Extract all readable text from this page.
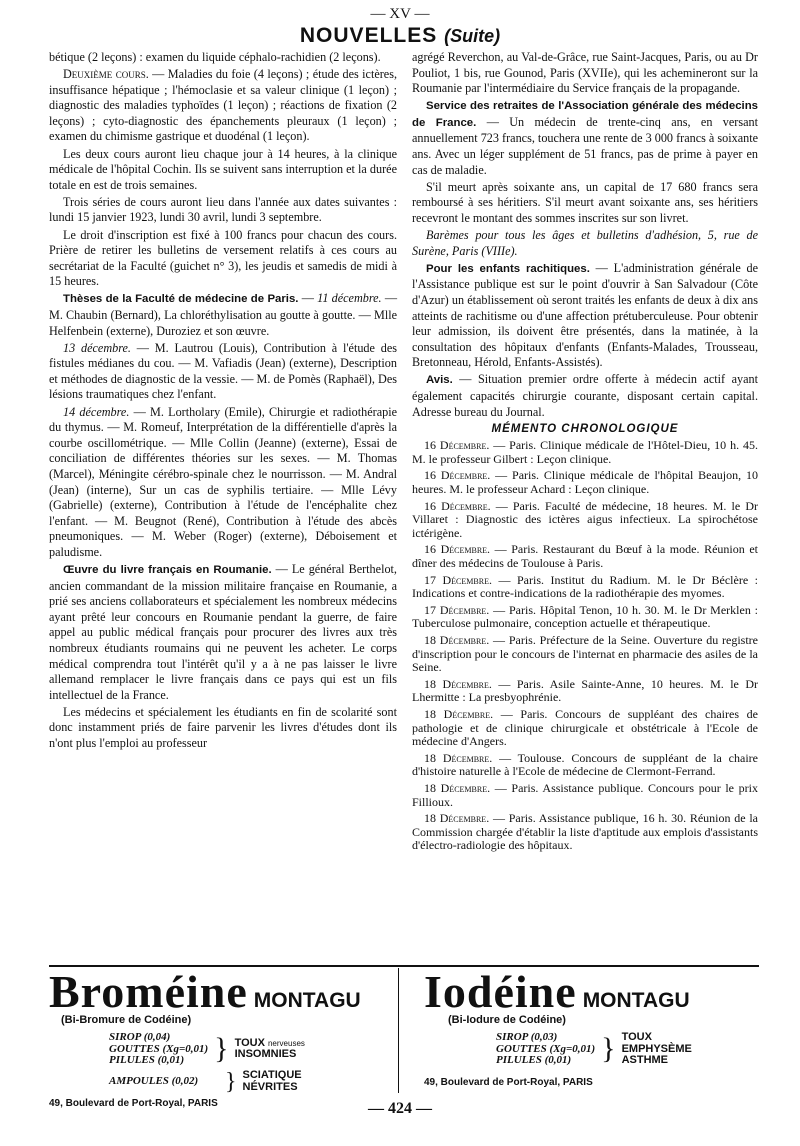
— XV —
NOUVELLES (Suite)

bétique (2 leçons) : examen du liquide céphalo-rachidien (2 leçons).

Deuxième cours. — Maladies du foie (4 leçons) ; étude des ictères, insuffisance hépatique ; l'hémoclasie et sa valeur clinique (1 leçon) ; diagnostic des maladies typhoïdes (1 leçon) ; réactions de fixation (2 leçons) ; cyto-diagnostic des épanchements pleuraux (1 leçon) ; examen du chimisme gastrique et duodénal (1 leçon).

Les deux cours auront lieu chaque jour à 14 heures, à la clinique médicale de l'hôpital Cochin. Ils se suivent sans interruption et la durée totale en est de trois semaines.

Trois séries de cours auront lieu dans l'année aux dates suivantes : lundi 15 janvier 1923, lundi 30 avril, lundi 3 septembre.

Le droit d'inscription est fixé à 100 francs pour chacun des cours. Prière de retirer les bulletins de versement relatifs à ces cours au secrétariat de la Faculté (guichet n° 3), les jeudis et samedis de midi à 15 heures.

Thèses de la Faculté de médecine de Paris. — 11 décembre. — M. Chaubin (Bernard), La chloréthylisation au goutte à goutte. — Mlle Helfenbein (externe), Duroziez et son œuvre.

13 décembre. — M. Lautrou (Louis), Contribution à l'étude des fistules médianes du cou. — M. Vafiadis (Jean) (externe), Description et méthodes de diagnostic de la vessie. — M. de Pomès (Raphaël), Des lésions traumatiques chez l'enfant.

14 décembre. — M. Lortholary (Emile), Chirurgie et radiothérapie du thymus. — M. Romeuf, Interprétation de la différentielle d'après la courbe oscillométrique. — Mlle Collin (Jeanne) (externe), Essai de conciliation de différentes théories sur les sexes. — M. Thomas (Marcel), Méningite cérébro-spinale chez le nourrisson. — M. Andral (Jean) (interne), Sur un cas de syphilis tertiaire. — Mlle Lévy (Gabrielle) (externe), Contribution à l'étude de l'encéphalite chez l'enfant. — M. Beugnot (René), Contribution à l'étude des abcès pneumoniques. — M. Weber (Roger) (externe), Déboisement et paludisme.

Œuvre du livre français en Roumanie. — Le général Berthelot, ancien commandant de la mission militaire française en Roumanie, a prié ses anciens collaborateurs et spécialement les nombreux médecins ayant prêté leur concours en Roumanie pendant la guerre, de faire appel au public médical français pour procurer des livres aux très nombreux étudiants roumains qui ne peuvent les acheter. Le corps médical comprendra tout l'intérêt qu'il y a à ne pas laisser le livre allemand remplacer le livre français dans ce pays qui est un fils intellectuel de la France.

Les médecins et spécialement les étudiants en fin de scolarité sont donc instamment priés de faire parvenir les livres d'études dont ils n'ont plus l'emploi au professeur

agrégé Reverchon, au Val-de-Grâce, rue Saint-Jacques, Paris, ou au Dr Pouliot, 1 bis, rue Gounod, Paris (XVIIe), qui les achemineront sur la Roumanie par l'intermédiaire du Service français de la propagande.

Service des retraites de l'Association générale des médecins de France. — Un médecin de trente-cinq ans, en versant annuellement 723 francs, touchera une rente de 3 000 francs à soixante ans. Avec un léger supplément de 51 francs, pas de prime à payer en cas de maladie.

S'il meurt après soixante ans, un capital de 17 680 francs sera remboursé à ses héritiers. S'il meurt avant soixante ans, ses héritiers recevront le montant des sommes inscrites sur son livret.

Barèmes pour tous les âges et bulletins d'adhésion, 5, rue de Surène, Paris (VIIIe).

Pour les enfants rachitiques. — L'administration générale de l'Assistance publique est sur le point d'ouvrir à San Salvadour (Côte d'Azur) un établissement où seront traités les enfants de deux à dix ans atteints de rachitisme ou d'une affection prétuberculeuse. Pour obtenir leur admission, ils doivent être présentés, dans la matinée, à la consultation des hôpitaux d'enfants (Enfants-Malades, Trousseau, Bretonneau, Hérold, Enfants-Assistés).

Avis. — Situation premier ordre offerte à médecin actif ayant également capacités chirurgie courante, disposant certain capital. Adresse bureau du Journal.

MÉMENTO CHRONOLOGIQUE

16 Décembre. — Paris. Clinique médicale de l'Hôtel-Dieu, 10 h. 45. M. le professeur Gilbert : Leçon clinique.

16 Décembre. — Paris. Clinique médicale de l'hôpital Beaujon, 10 heures. M. le professeur Achard : Leçon clinique.

16 Décembre. — Paris. Faculté de médecine, 18 heures. M. le Dr Villaret : Diagnostic des ictères aigus infectieux. La spirochétose ictérigène.

16 Décembre. — Paris. Restaurant du Bœuf à la mode. Réunion et dîner des médecins de Toulouse à Paris.

17 Décembre. — Paris. Institut du Radium. M. le Dr Béclère : Indications et contre-indications de la radiothérapie des myomes.

17 Décembre. — Paris. Hôpital Tenon, 10 h. 30. M. le Dr Merklen : Tuberculose pulmonaire, conception actuelle et thérapeutique.

18 Décembre. — Paris. Préfecture de la Seine. Ouverture du registre d'inscription pour le concours de l'internat en pharmacie des asiles de la Seine.

18 Décembre. — Paris. Asile Sainte-Anne, 10 heures. M. le Dr Lhermitte : La presbyophrénie.

18 Décembre. — Paris. Concours de suppléant des chaires de pathologie et de clinique chirurgicale et obstétricale à l'Ecole de médecine d'Angers.

18 Décembre. — Toulouse. Concours de suppléant de la chaire d'histoire naturelle à l'Ecole de médecine de Clermont-Ferrand.

18 Décembre. — Paris. Assistance publique. Concours pour le prix Fillioux.

18 Décembre. — Paris. Assistance publique, 16 h. 30. Réunion de la Commission chargée d'établir la liste d'aptitude aux emplois d'assistants d'électro-radiologie des hôpitaux.

Broméine MONTAGU
(Bi-Bromure de Codéine)
SIROP (0,04)
GOUTTES (Xg=0,01)
PILULES (0,01) } TOUX nerveuses
INSOMNIES
AMPOULES (0,02)	} SCIATIQUE
NÉVRITES
49, Boulevard de Port-Royal, PARIS
Iodéine MONTAGU
(Bi-Iodure de Codéine)
SIROP (0,03)
GOUTTES (Xg=0,01)
PILULES (0,01) } TOUX
EMPHYSÈME
ASTHME
49, Boulevard de Port-Royal, PARIS
— 424 —
